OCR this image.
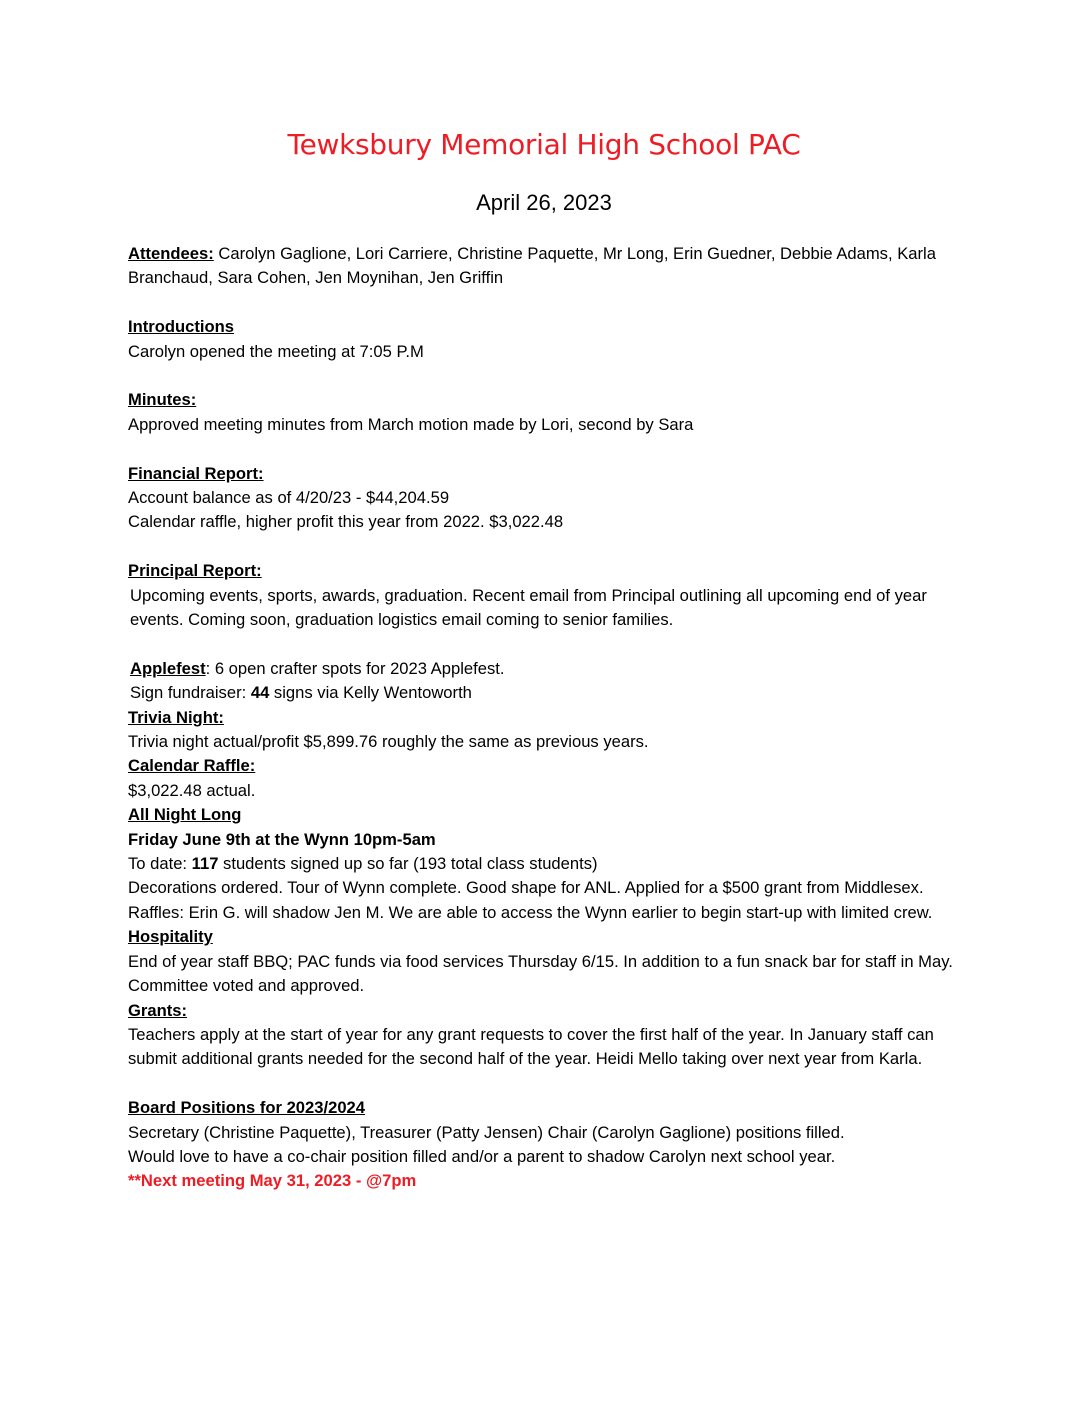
Tewksbury Memorial High School PAC
April 26, 2023

Attendees: Carolyn Gaglione, Lori Carriere, Christine Paquette, Mr Long, Erin Guedner, Debbie Adams, Karla Branchaud, Sara Cohen, Jen Moynihan, Jen Griffin

Introductions

Carolyn opened the meeting at 7:05 P.M

Minutes:

Approved meeting minutes from March motion made by Lori, second by Sara

Financial Report:

Account balance as of 4/20/23 - $44,204.59

Calendar raffle, higher profit this year from 2022. $3,022.48

Principal Report:

Upcoming events, sports, awards, graduation. Recent email from Principal outlining all upcoming end of year events. Coming soon, graduation logistics email coming to senior families.

Applefest: 6 open crafter spots for 2023 Applefest.

Sign fundraiser: 44 signs via Kelly Wentoworth

Trivia Night:

Trivia night actual/profit $5,899.76 roughly the same as previous years.

Calendar Raffle:

$3,022.48 actual.

All Night Long

Friday June 9th at the Wynn 10pm-5am

To date: 117 students signed up so far (193 total class students)

Decorations ordered. Tour of Wynn complete. Good shape for ANL. Applied for a $500 grant from Middlesex. Raffles: Erin G. will shadow Jen M. We are able to access the Wynn earlier to begin start-up with limited crew.

Hospitality

End of year staff BBQ; PAC funds via food services Thursday 6/15. In addition to a fun snack bar for staff in May. Committee voted and approved.

Grants:

Teachers apply at the start of year for any grant requests to cover the first half of the year. In January staff can submit additional grants needed for the second half of the year. Heidi Mello taking over next year from Karla.

Board Positions for 2023/2024

Secretary (Christine Paquette), Treasurer (Patty Jensen) Chair (Carolyn Gaglione) positions filled.

Would love to have a co-chair position filled and/or a parent to shadow Carolyn next school year.

**Next meeting May 31, 2023 - @7pm
